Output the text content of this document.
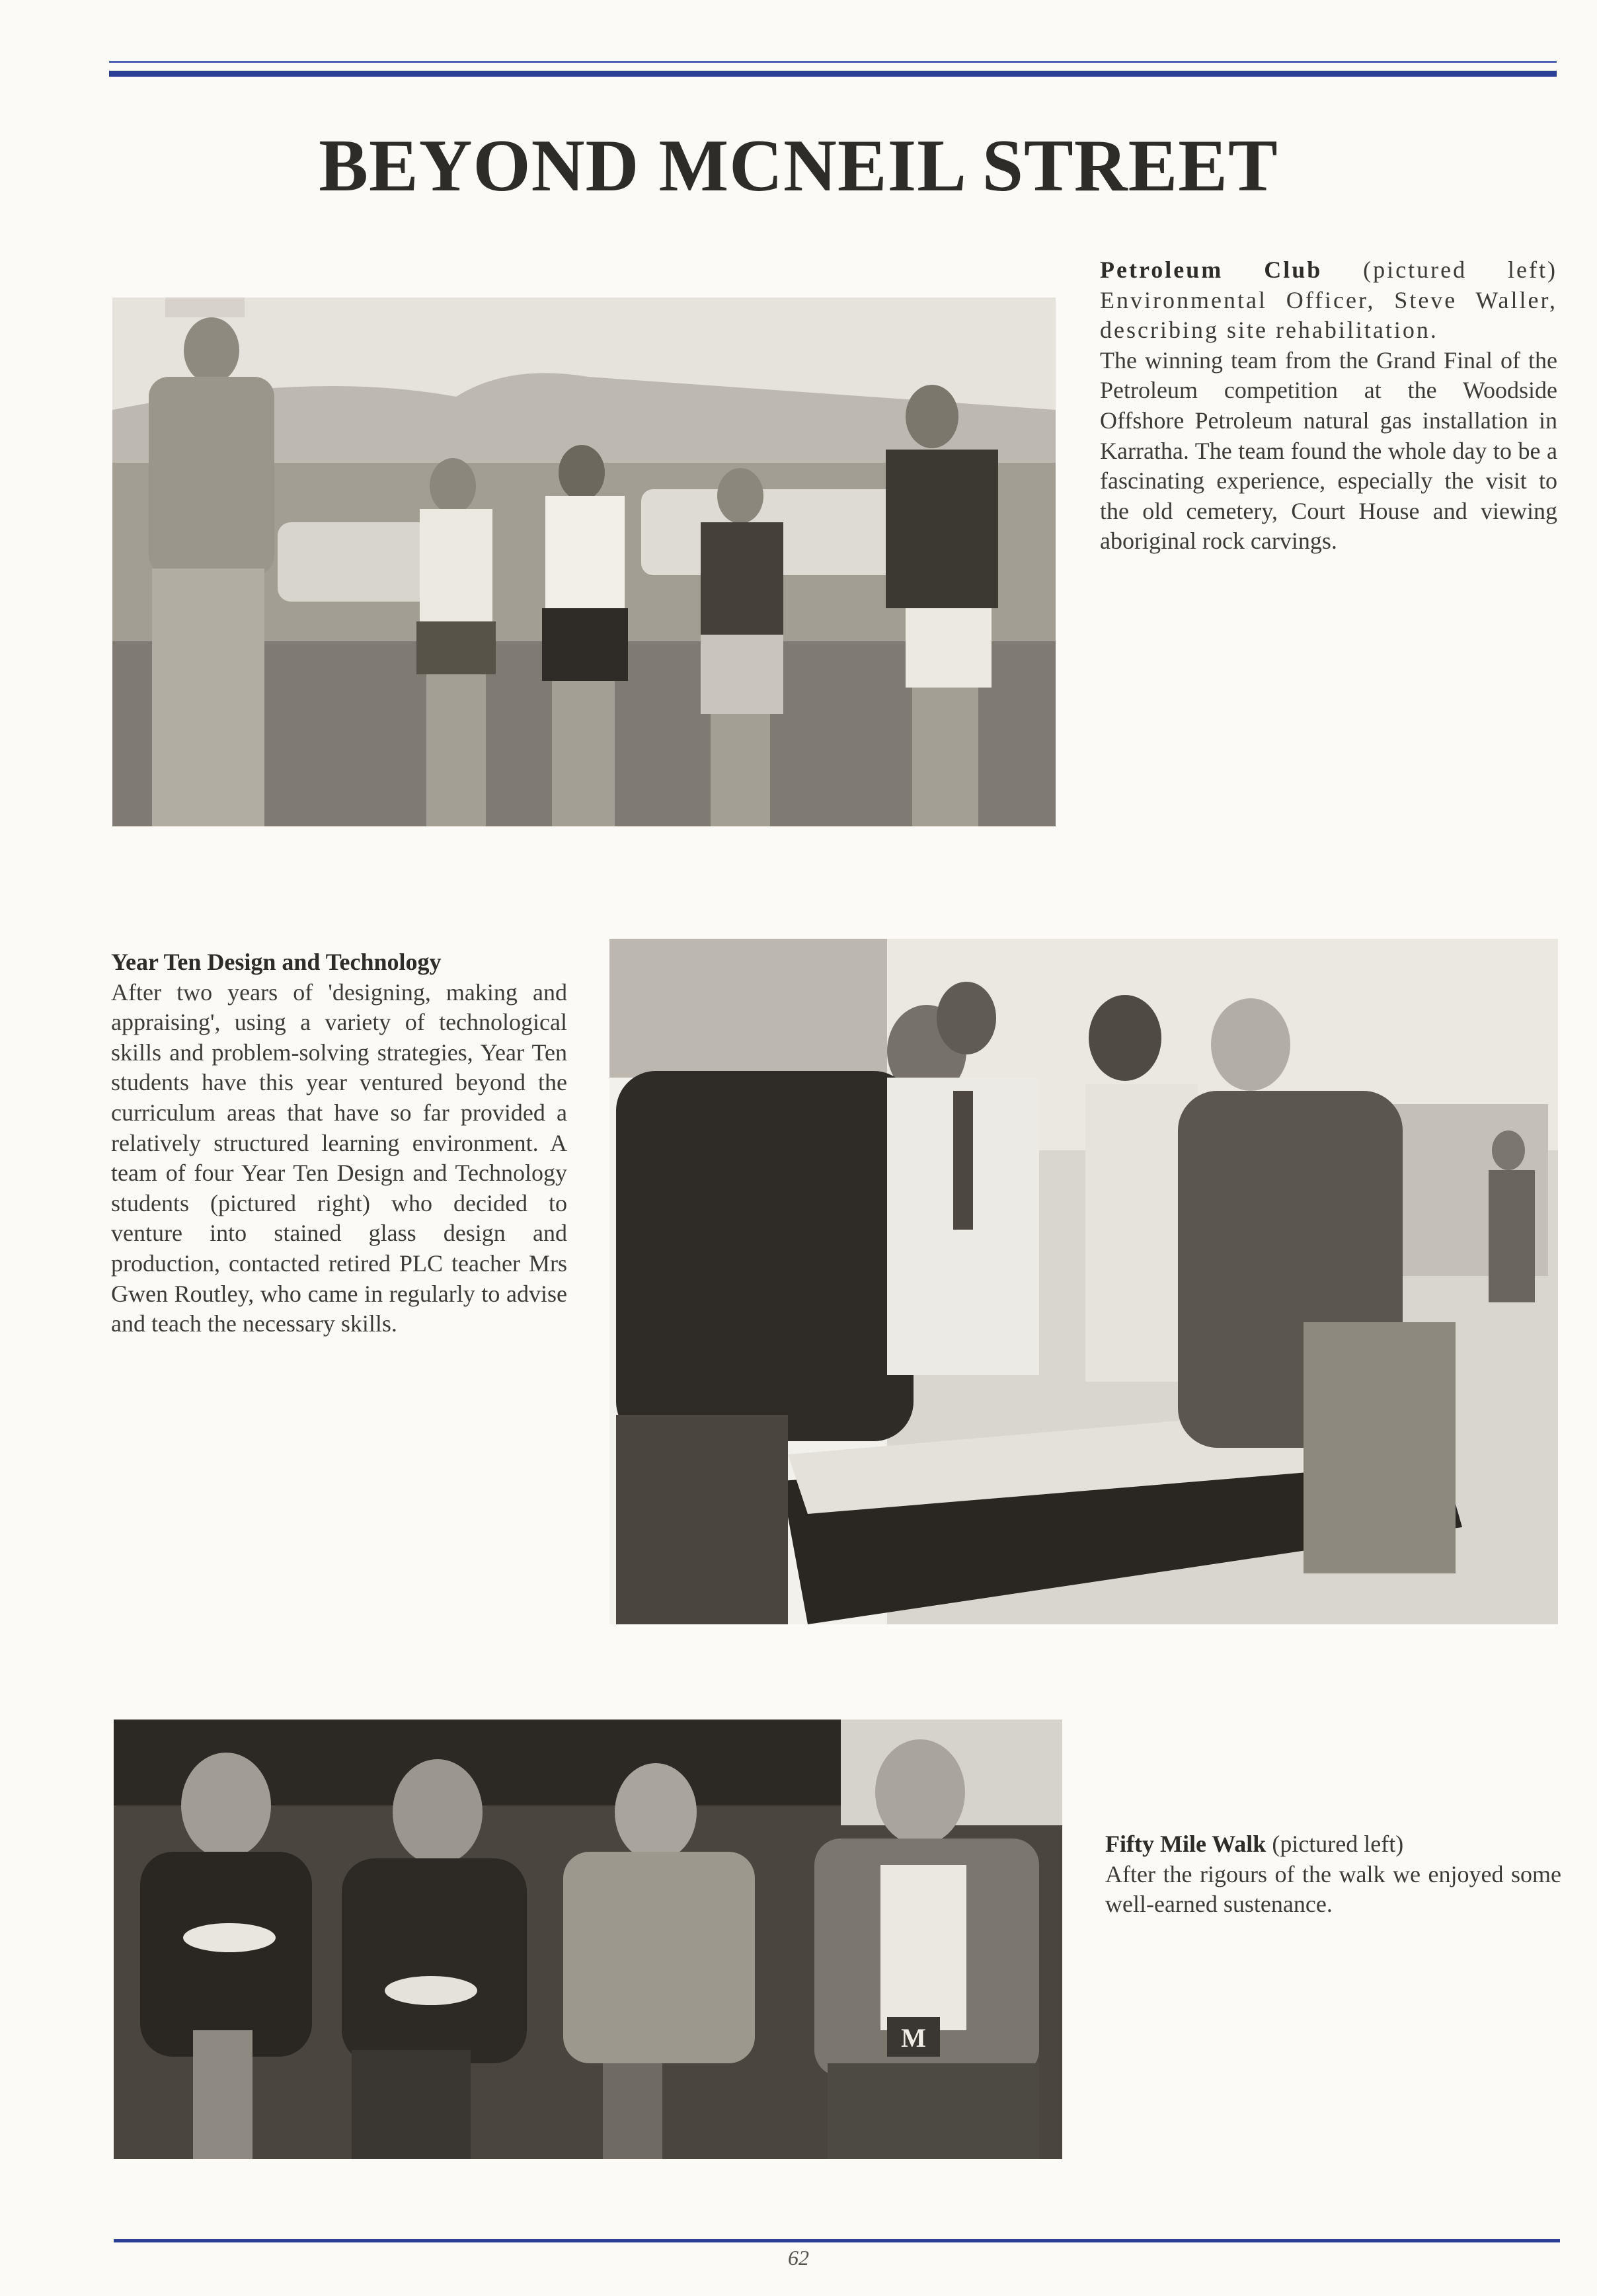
BEYOND MCNEIL STREET

Petroleum Club (pictured left) Environmental Officer, Steve Waller, describing site rehabilitation.

The winning team from the Grand Final of the Petroleum competition at the Woodside Offshore Petroleum natural gas installation in Karratha. The team found the whole day to be a fascinating experience, especially the visit to the old cemetery, Court House and viewing aboriginal rock carvings.

Year Ten Design and Technology

After two years of 'designing, making and appraising', using a variety of technological skills and problem-solving strategies, Year Ten students have this year ventured beyond the curriculum areas that have so far provided a relatively structured learning environment. A team of four Year Ten Design and Technology students (pictured right) who decided to venture into stained glass design and production, contacted retired PLC teacher Mrs Gwen Routley, who came in regularly to advise and teach the necessary skills.

M

Fifty Mile Walk (pictured left)

After the rigours of the walk we enjoyed some well-earned sustenance.

62
